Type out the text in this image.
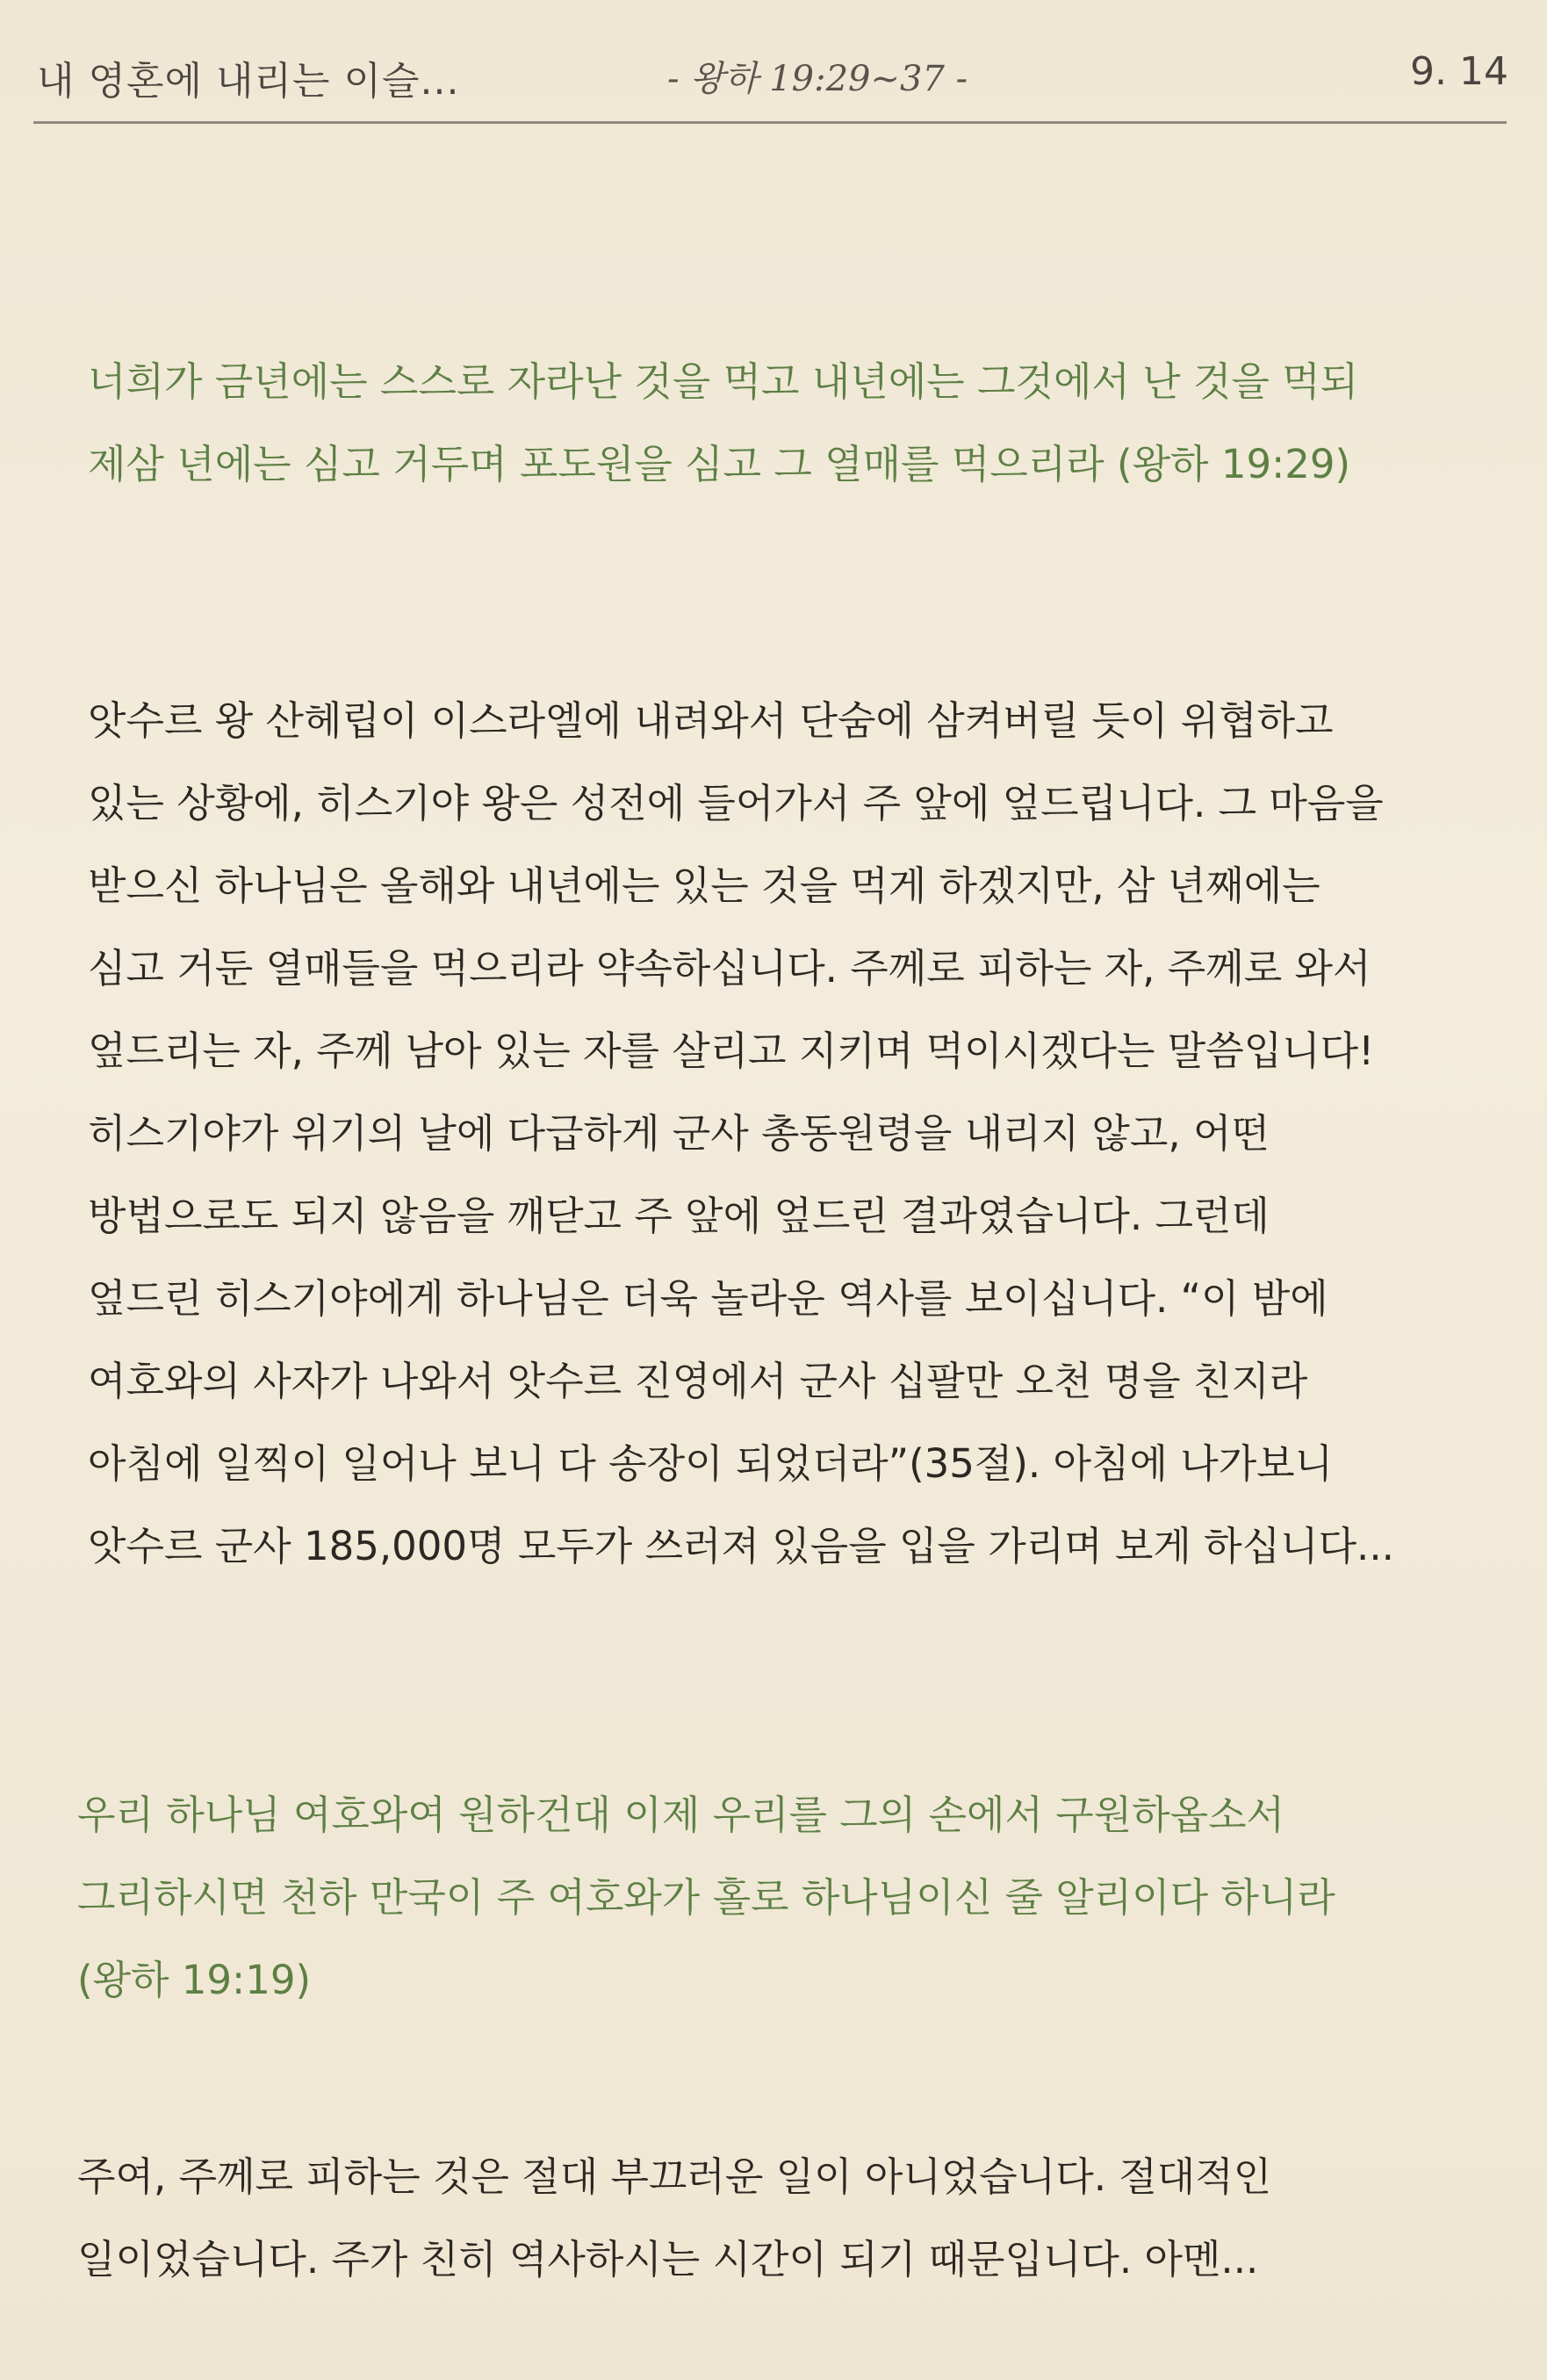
내 영혼에 내리는 이슬...	- 왕하 19:29~37 -	9. 14
너희가 금년에는 스스로 자라난 것을 먹고 내년에는 그것에서 난 것을 먹되
제삼 년에는 심고 거두며 포도원을 심고 그 열매를 먹으리라 (왕하 19:29)
앗수르 왕 산헤립이 이스라엘에 내려와서 단숨에 삼켜버릴 듯이 위협하고
있는 상황에, 히스기야 왕은 성전에 들어가서 주 앞에 엎드립니다. 그 마음을
받으신 하나님은 올해와 내년에는 있는 것을 먹게 하겠지만, 삼 년째에는
심고 거둔 열매들을 먹으리라 약속하십니다. 주께로 피하는 자, 주께로 와서
엎드리는 자, 주께 남아 있는 자를 살리고 지키며 먹이시겠다는 말씀입니다!
히스기야가 위기의 날에 다급하게 군사 총동원령을 내리지 않고, 어떤
방법으로도 되지 않음을 깨닫고 주 앞에 엎드린 결과였습니다. 그런데
엎드린 히스기야에게 하나님은 더욱 놀라운 역사를 보이십니다. “이 밤에
여호와의 사자가 나와서 앗수르 진영에서 군사 십팔만 오천 명을 친지라
아침에 일찍이 일어나 보니 다 송장이 되었더라”(35절). 아침에 나가보니
앗수르 군사 185,000명 모두가 쓰러져 있음을 입을 가리며 보게 하십니다...
우리 하나님 여호와여 원하건대 이제 우리를 그의 손에서 구원하옵소서
그리하시면 천하 만국이 주 여호와가 홀로 하나님이신 줄 알리이다 하니라
(왕하 19:19)
주여, 주께로 피하는 것은 절대 부끄러운 일이 아니었습니다. 절대적인
일이었습니다. 주가 친히 역사하시는 시간이 되기 때문입니다. 아멘...
